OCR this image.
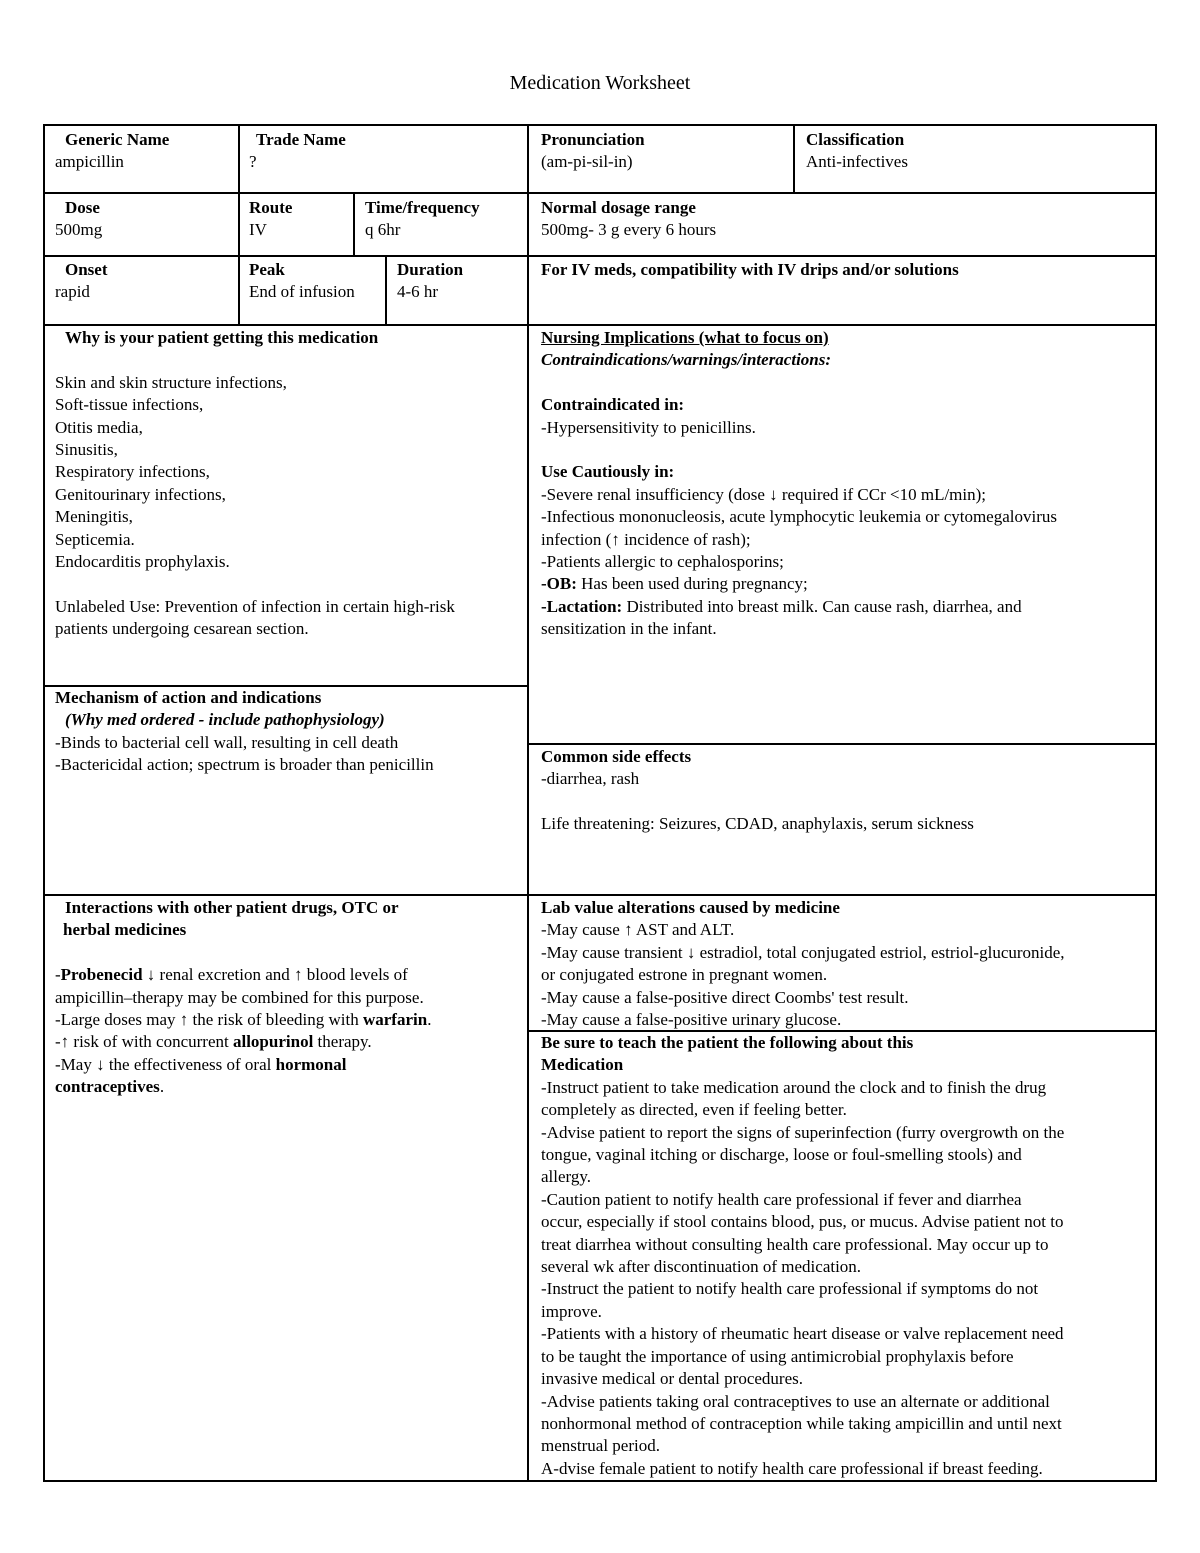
Medication Worksheet
Generic Name
ampicillin
Trade Name
?
Pronunciation
(am-pi-sil-in)
Classification
Anti-infectives
Dose
500mg
Route
IV
Time/frequency
q 6hr
Normal dosage range
500mg- 3 g every 6 hours
Onset
rapid
Peak
End of infusion
Duration
4-6 hr
For IV meds, compatibility with IV drips and/or solutions
Why is your patient getting this medication
Skin and skin structure infections,
Soft-tissue infections,
Otitis media,
Sinusitis,
Respiratory infections,
Genitourinary infections,
Meningitis,
Septicemia.
Endocarditis prophylaxis.
Unlabeled Use: Prevention of infection in certain high-risk
patients undergoing cesarean section.
Mechanism of action and indications
(Why med ordered - include pathophysiology)
-Binds to bacterial cell wall, resulting in cell death
-Bactericidal action; spectrum is broader than penicillin
Nursing Implications (what to focus on)
Contraindications/warnings/interactions:
Contraindicated in:
-Hypersensitivity to penicillins.
Use Cautiously in:
-Severe renal insufficiency (dose ↓ required if CCr <10 mL/min);
-Infectious mononucleosis, acute lymphocytic leukemia or cytomegalovirus
infection (↑ incidence of rash);
-Patients allergic to cephalosporins;
-OB: Has been used during pregnancy;
-Lactation: Distributed into breast milk. Can cause rash, diarrhea, and
sensitization in the infant.
Common side effects
-diarrhea, rash
Life threatening: Seizures, CDAD, anaphylaxis, serum sickness
Interactions with other patient drugs, OTC or
herbal medicines
-Probenecid ↓ renal excretion and ↑ blood levels of
ampicillin–therapy may be combined for this purpose.
-Large doses may ↑ the risk of bleeding with warfarin.
-↑ risk of with concurrent allopurinol therapy.
-May ↓ the effectiveness of oral hormonal
contraceptives.
Lab value alterations caused by medicine
-May cause ↑ AST and ALT.
-May cause transient ↓ estradiol, total conjugated estriol, estriol-glucuronide,
or conjugated estrone in pregnant women.
-May cause a false-positive direct Coombs' test result.
-May cause a false-positive urinary glucose.
Be sure to teach the patient the following about this
Medication
-Instruct patient to take medication around the clock and to finish the drug
completely as directed, even if feeling better.
-Advise patient to report the signs of superinfection (furry overgrowth on the
tongue, vaginal itching or discharge, loose or foul-smelling stools) and
allergy.
-Caution patient to notify health care professional if fever and diarrhea
occur, especially if stool contains blood, pus, or mucus. Advise patient not to
treat diarrhea without consulting health care professional. May occur up to
several wk after discontinuation of medication.
-Instruct the patient to notify health care professional if symptoms do not
improve.
-Patients with a history of rheumatic heart disease or valve replacement need
to be taught the importance of using antimicrobial prophylaxis before
invasive medical or dental procedures.
-Advise patients taking oral contraceptives to use an alternate or additional
nonhormonal method of contraception while taking ampicillin and until next
menstrual period.
A-dvise female patient to notify health care professional if breast feeding.
